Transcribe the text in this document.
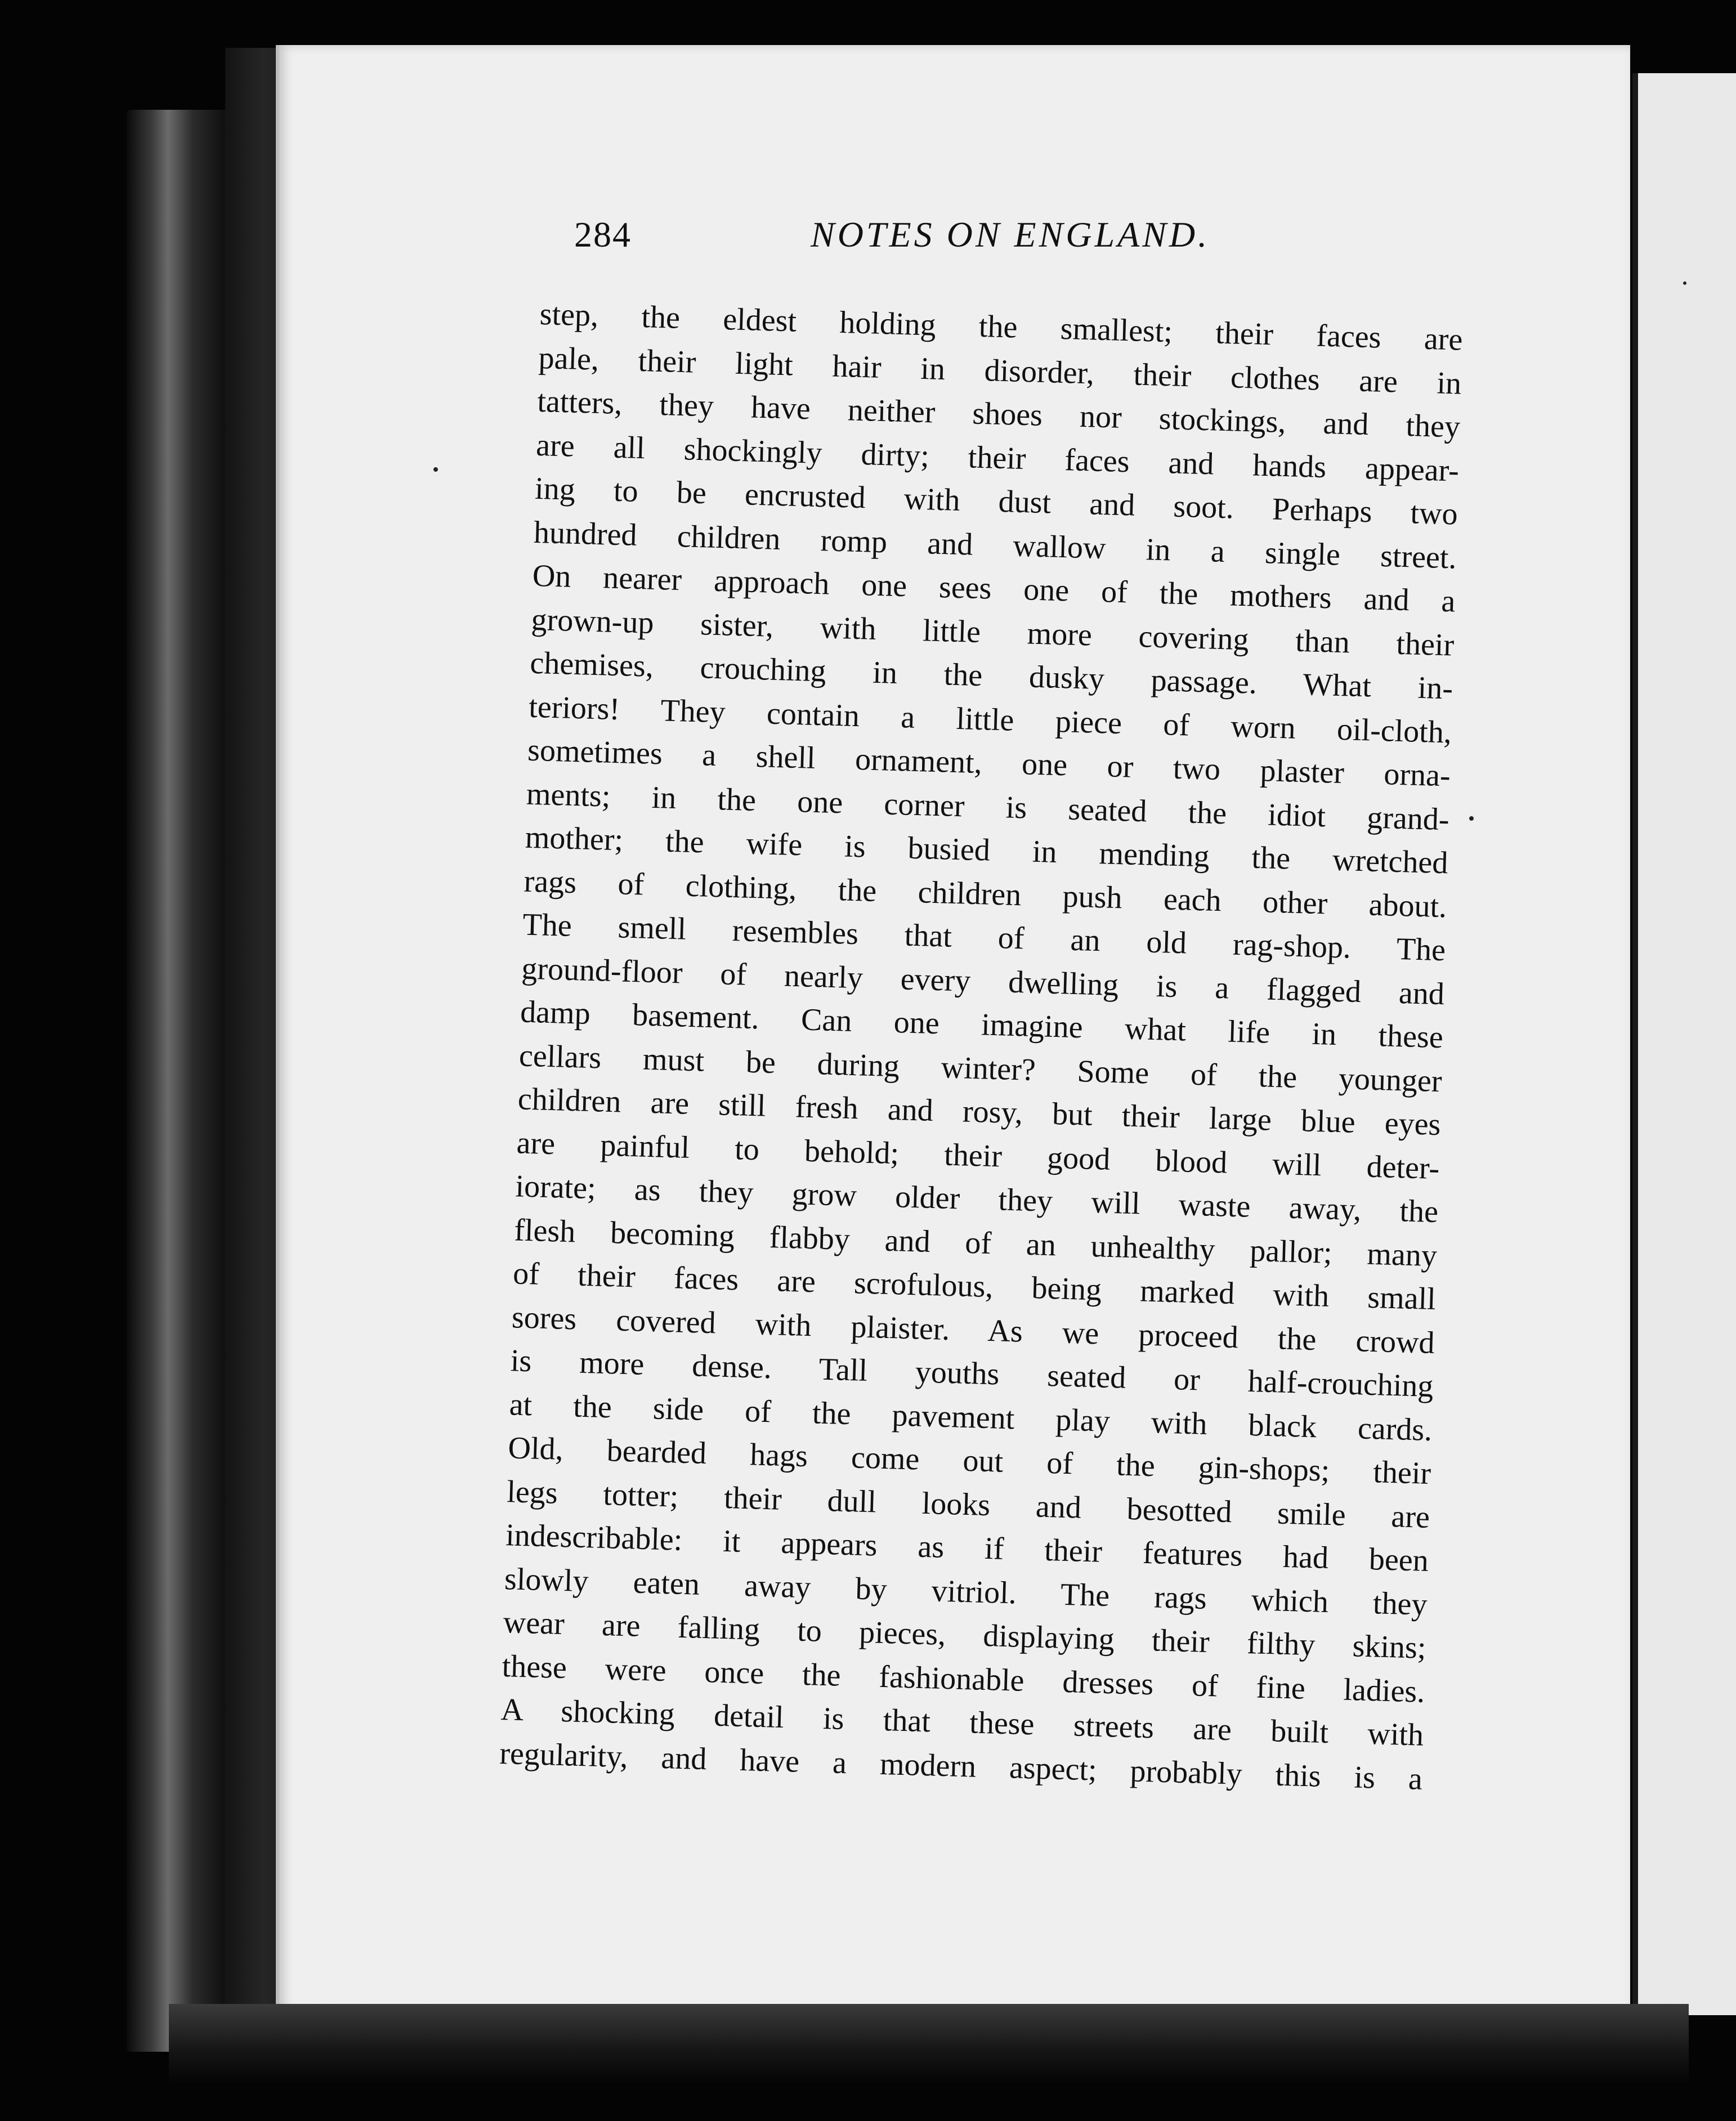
284	NOTES ON ENGLAND.
step, the eldest holding the smallest; their faces are
pale, their light hair in disorder, their clothes are in
tatters, they have neither shoes nor stockings, and they
are all shockingly dirty; their faces and hands appear-
ing to be encrusted with dust and soot. Perhaps two
hundred children romp and wallow in a single street.
On nearer approach one sees one of the mothers and a
grown-up sister, with little more covering than their
chemises, crouching in the dusky passage. What in-
teriors! They contain a little piece of worn oil-cloth,
sometimes a shell ornament, one or two plaster orna-
ments; in the one corner is seated the idiot grand-
mother; the wife is busied in mending the wretched
rags of clothing, the children push each other about.
The smell resembles that of an old rag-shop. The
ground-floor of nearly every dwelling is a flagged and
damp basement. Can one imagine what life in these
cellars must be during winter? Some of the younger
children are still fresh and rosy, but their large blue eyes
are painful to behold; their good blood will deter-
iorate; as they grow older they will waste away, the
flesh becoming flabby and of an unhealthy pallor; many
of their faces are scrofulous, being marked with small
sores covered with plaister. As we proceed the crowd
is more dense. Tall youths seated or half-crouching
at the side of the pavement play with black cards.
Old, bearded hags come out of the gin-shops; their
legs totter; their dull looks and besotted smile are
indescribable: it appears as if their features had been
slowly eaten away by vitriol. The rags which they
wear are falling to pieces, displaying their filthy skins;
these were once the fashionable dresses of fine ladies.
A shocking detail is that these streets are built with
regularity, and have a modern aspect; probably this is a
